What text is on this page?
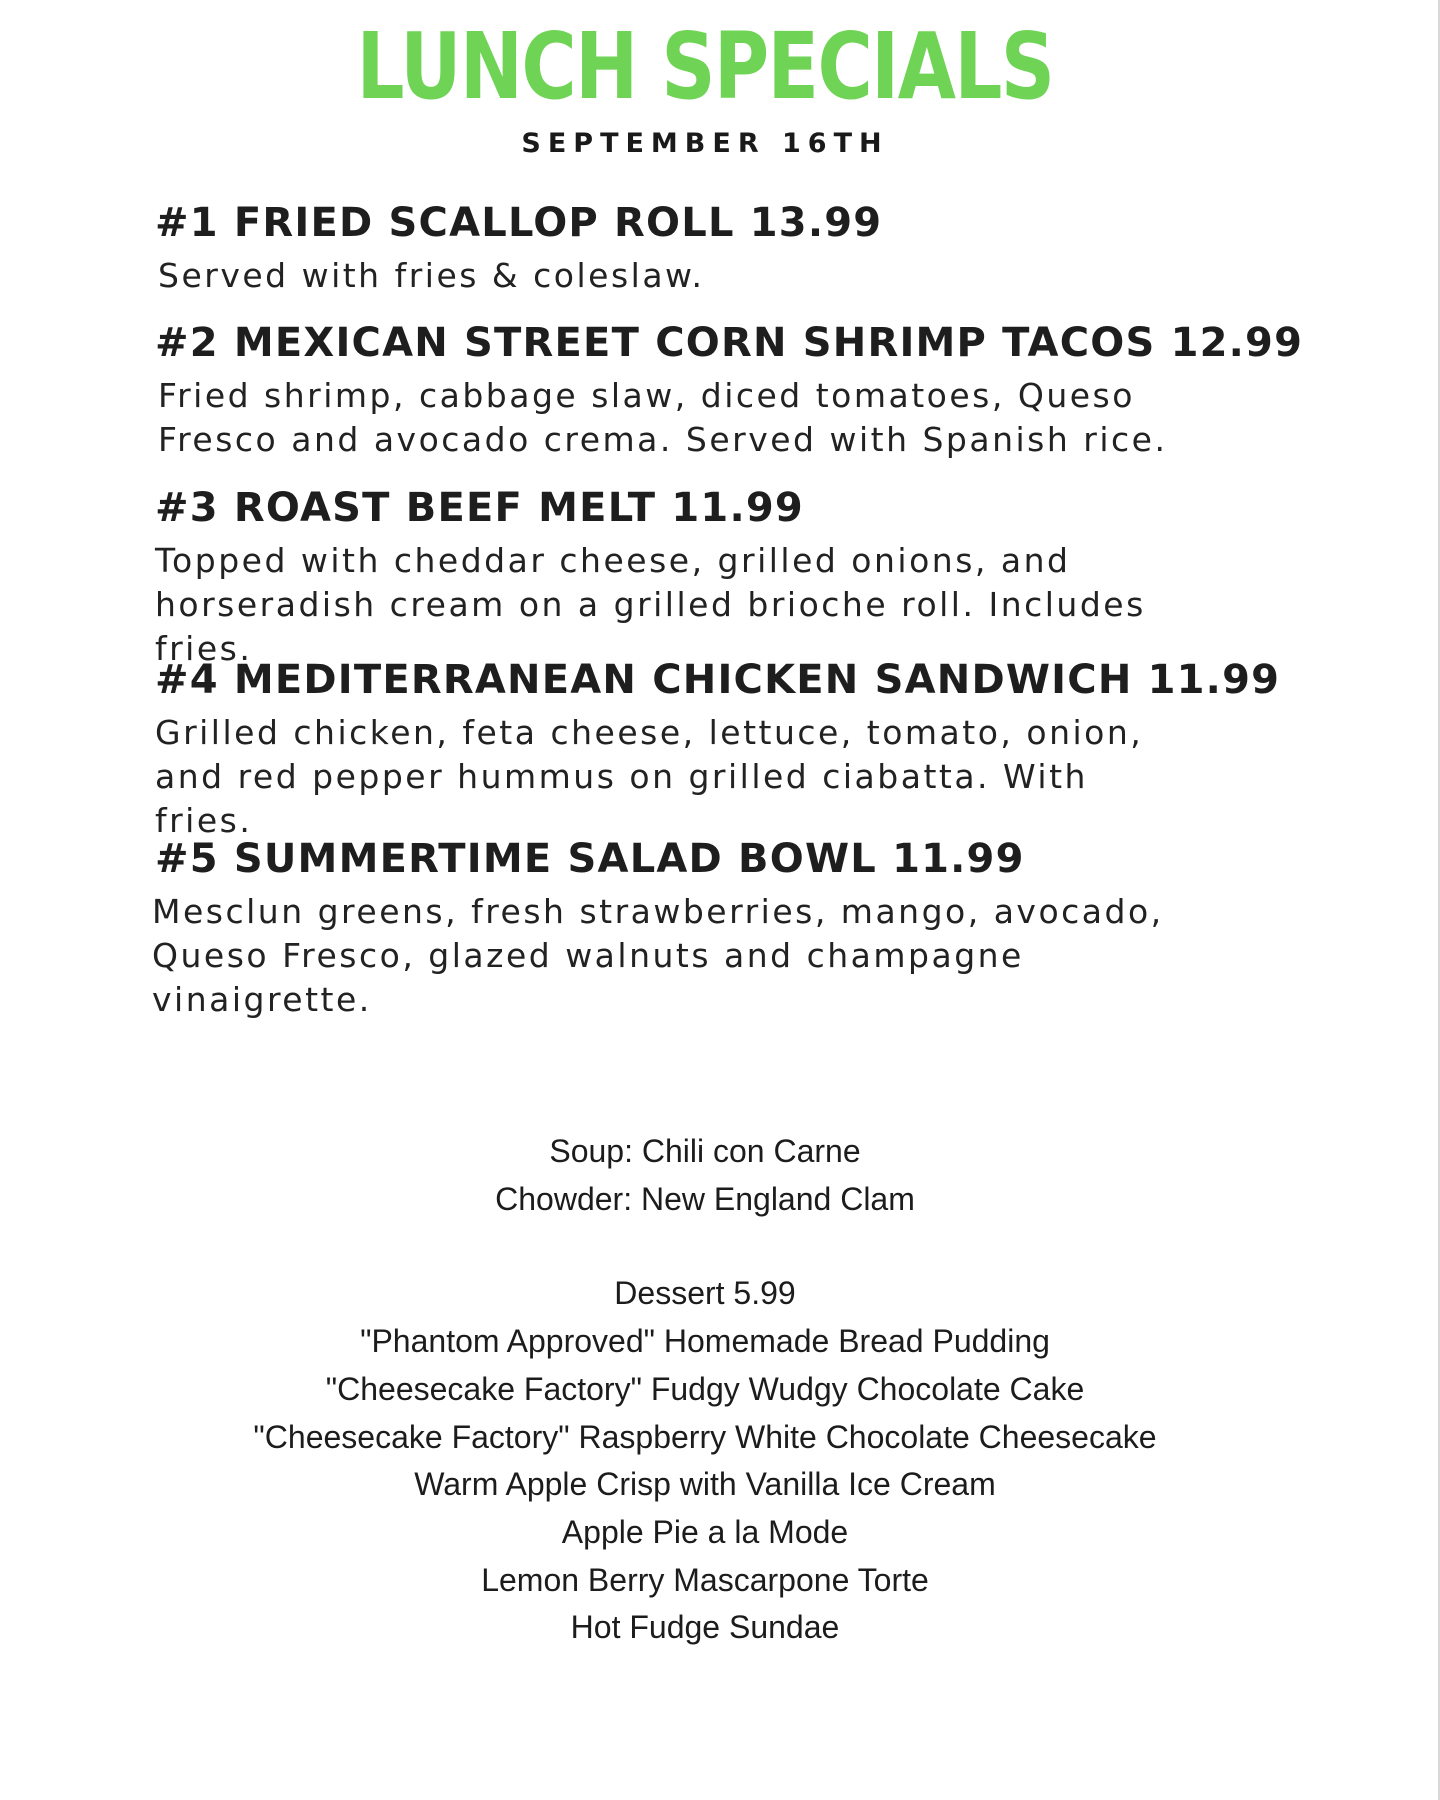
LUNCH SPECIALS
SEPTEMBER 16TH
#1 FRIED SCALLOP ROLL 13.99
Served with fries & coleslaw.
#2 MEXICAN STREET CORN SHRIMP TACOS 12.99
Fried shrimp, cabbage slaw, diced tomatoes, Queso
Fresco and avocado crema. Served with Spanish rice.
#3 ROAST BEEF MELT 11.99
Topped with cheddar cheese, grilled onions, and
horseradish cream on a grilled brioche roll. Includes fries.
#4 MEDITERRANEAN CHICKEN SANDWICH 11.99
Grilled chicken, feta cheese, lettuce, tomato, onion,
and red pepper hummus on grilled ciabatta. With
fries.
#5 SUMMERTIME SALAD BOWL 11.99
Mesclun greens, fresh strawberries, mango, avocado,
Queso Fresco, glazed walnuts and champagne
vinaigrette.
Soup: Chili con Carne
Chowder: New England Clam
Dessert 5.99
"Phantom Approved" Homemade Bread Pudding
"Cheesecake Factory" Fudgy Wudgy Chocolate Cake
"Cheesecake Factory" Raspberry White Chocolate Cheesecake
Warm Apple Crisp with Vanilla Ice Cream
Apple Pie a la Mode
Lemon Berry Mascarpone Torte
Hot Fudge Sundae
